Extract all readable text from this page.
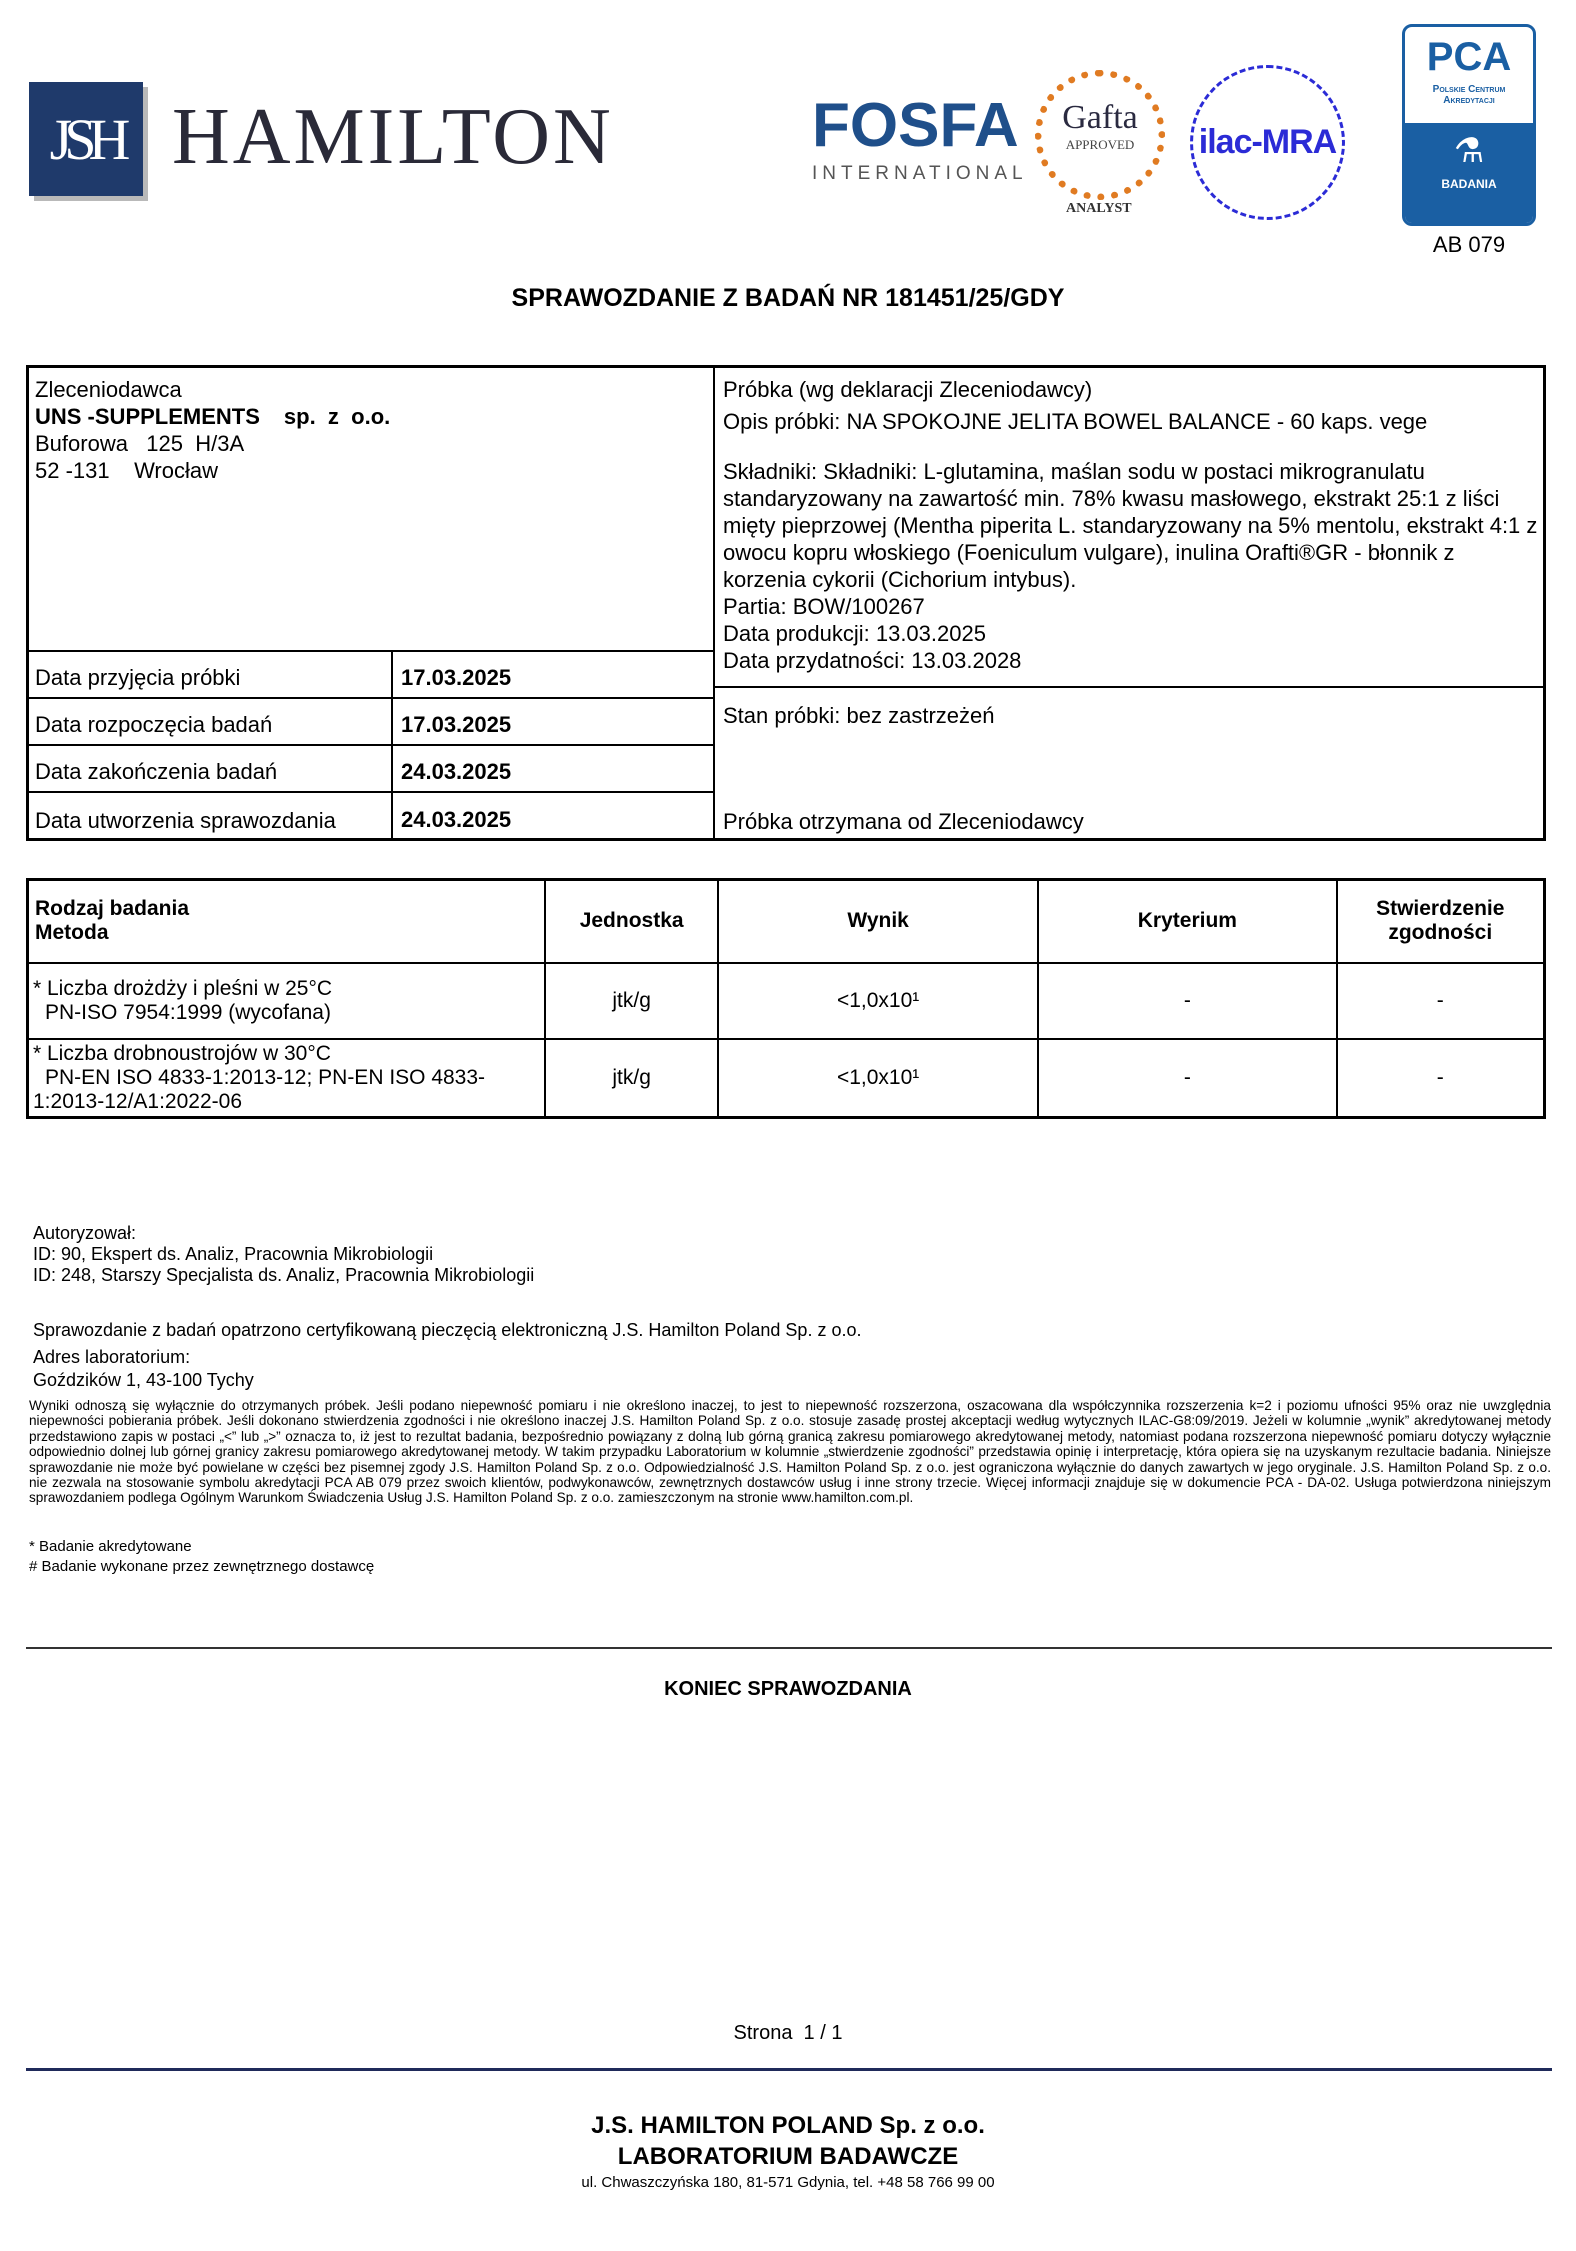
JSH HAMILTON	FOSFA
INTERNATIONAL
Gafta
APPROVED
ANALYST
ilac-MRA
PCA
Polskie Centrum
Akredytacji
⚗
BADANIA
AB 079
SPRAWOZDANIE Z BADAŃ NR 181451/25/GDY
Zleceniodawca
UNS -SUPPLEMENTS sp.  z  o.o.
Buforowa   125  H/3A
52 -131    Wrocław
Data przyjęcia próbki	17.03.2025
Data rozpoczęcia badań	17.03.2025
Data zakończenia badań	24.03.2025
Data utworzenia sprawozdania	24.03.2025
Próbka (wg deklaracji Zleceniodawcy)
Opis próbki: NA SPOKOJNE JELITA BOWEL BALANCE - 60 kaps. vege
Składniki: Składniki: L-glutamina, maślan sodu w postaci mikrogranulatu standaryzowany na zawartość min. 78% kwasu masłowego, ekstrakt 25:1 z liści mięty pieprzowej (Mentha piperita L. standaryzowany na 5% mentolu, ekstrakt 4:1 z owocu kopru włoskiego (Foeniculum vulgare), inulina Orafti®GR - błonnik z korzenia cykorii (Cichorium intybus).
Partia: BOW/100267
Data produkcji: 13.03.2025
Data przydatności: 13.03.2028
Stan próbki: bez zastrzeżeń
Próbka otrzymana od Zleceniodawcy
Rodzaj badania
Metoda	Jednostka	Wynik	Kryterium	Stwierdzenie zgodności

* Liczba drożdży i pleśni w 25°C
PN-ISO 7954:1999 (wycofana)	jtk/g	<1,0x10¹	-	-

* Liczba drobnoustrojów w 30°C
PN-EN ISO 4833-1:2013-12; PN-EN ISO 4833-1:2013-12/A1:2022-06	jtk/g	<1,0x10¹	-	-
Autoryzował:
ID: 90, Ekspert ds. Analiz, Pracownia Mikrobiologii
ID: 248, Starszy Specjalista ds. Analiz, Pracownia Mikrobiologii
Sprawozdanie z badań opatrzono certyfikowaną pieczęcią elektroniczną J.S. Hamilton Poland Sp. z o.o.
Adres laboratorium:
Goździków 1, 43-100 Tychy
Wyniki odnoszą się wyłącznie do otrzymanych próbek. Jeśli podano niepewność pomiaru i nie określono inaczej, to jest to niepewność rozszerzona, oszacowana dla współczynnika rozszerzenia k=2 i poziomu ufności 95% oraz nie uwzględnia niepewności pobierania próbek. Jeśli dokonano stwierdzenia zgodności i nie określono inaczej J.S. Hamilton Poland Sp. z o.o. stosuje zasadę prostej akceptacji według wytycznych ILAC-G8:09/2019. Jeżeli w kolumnie „wynik” akredytowanej metody przedstawiono zapis w postaci „<” lub „>” oznacza to, iż jest to rezultat badania, bezpośrednio powiązany z dolną lub górną granicą zakresu pomiarowego akredytowanej metody, natomiast podana rozszerzona niepewność pomiaru dotyczy wyłącznie odpowiednio dolnej lub górnej granicy zakresu pomiarowego akredytowanej metody. W takim przypadku Laboratorium w kolumnie „stwierdzenie zgodności” przedstawia opinię i interpretację, która opiera się na uzyskanym rezultacie badania. Niniejsze sprawozdanie nie może być powielane w części bez pisemnej zgody J.S. Hamilton Poland Sp. z o.o. Odpowiedzialność J.S. Hamilton Poland Sp. z o.o. jest ograniczona wyłącznie do danych zawartych w jego oryginale. J.S. Hamilton Poland Sp. z o.o. nie zezwala na stosowanie symbolu akredytacji PCA AB 079 przez swoich klientów, podwykonawców, zewnętrznych dostawców usług i inne strony trzecie. Więcej informacji znajduje się w dokumencie PCA - DA-02. Usługa potwierdzona niniejszym sprawozdaniem podlega Ogólnym Warunkom Świadczenia Usług J.S. Hamilton Poland Sp. z o.o. zamieszczonym na stronie www.hamilton.com.pl.
* Badanie akredytowane
# Badanie wykonane przez zewnętrznego dostawcę
KONIEC SPRAWOZDANIA
Strona  1 / 1
J.S. HAMILTON POLAND Sp. z o.o.
LABORATORIUM BADAWCZE
ul. Chwaszczyńska 180, 81-571 Gdynia, tel. +48 58 766 99 00
